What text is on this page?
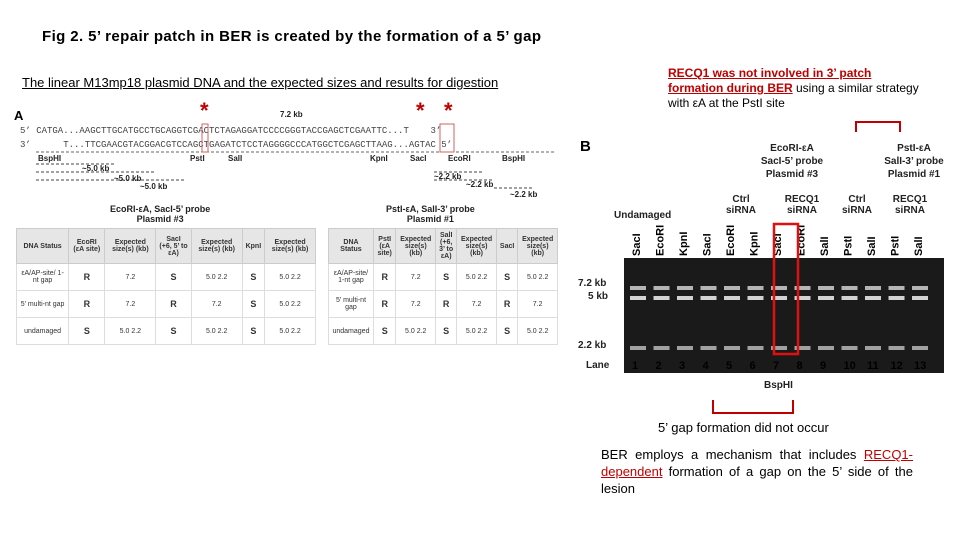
Fig 2. 5’ repair patch in BER is created by the formation of a 5’ gap
The linear M13mp18 plasmid DNA and the expected sizes and results for digestion
RECQ1 was not involved in 3’ patch formation during BER using a similar strategy with εA at the PstI site
A	*	* *
7.2 kb
5’ CATGA...AAGCTTGCATGCCTGCAGGTCGACTCTAGAGGATCCCCGGGTACCGAGCTCGAATTC...T    3’
3’      T...TTCGAACGTACGGACGTCCAGCTGAGATCTCCTAGGGGCCCATGGCTCGAGCTTAAG...AGTAC 5’
BspHI	PstI	SalI	KpnI	SacI	EcoRI	BspHI
~5.0 kb
~5.0 kb
~5.0 kb
~2.2 kb
~2.2 kb
~2.2 kb
EcoRI-εA, SacI-5’ probe
Plasmid #3
PstI-εA, SalI-3’ probe
Plasmid #1
DNA Status	EcoRI (εA site)	Expected size(s) (kb)	SacI (+6, 5’ to εA)	Expected size(s) (kb)	KpnI	Expected size(s) (kb)
εA/AP-site/ 1-nt gap	R	7.2	S	5.0 2.2	S	5.0 2.2
5’ multi-nt gap	R	7.2	R	7.2	S	5.0 2.2
undamaged	S	5.0 2.2	S	5.0 2.2	S	5.0 2.2
DNA Status	PstI (εA site)	Expected size(s) (kb)	SalI (+6, 3’ to εA)	Expected size(s) (kb)	SacI	Expected size(s) (kb)
εA/AP-site/ 1-nt gap	R	7.2	S	5.0 2.2	S	5.0 2.2
5’ multi-nt gap	R	7.2	R	7.2	R	7.2
undamaged	S	5.0 2.2	S	5.0 2.2	S	5.0 2.2
B	EcoRI-εA
SacI-5’ probe
Plasmid #3
PstI-εA
SalI-3’ probe
Plasmid #1
Undamaged
Ctrl
siRNA
RECQ1
siRNA
Ctrl
siRNA
RECQ1
siRNA
SacI EcoRI KpnI SacI EcoRI KpnI SacI EcoRI SalI PstI SalI PstI SalI
7.2 kb
5 kb
2.2 kb
Lane
BspHI
1 2 3 4 5 6 7 8 9 10 11 12 13
5’ gap formation did not occur
BER employs a mechanism that includes RECQ1-dependent formation of a gap on the 5’ side of the lesion
